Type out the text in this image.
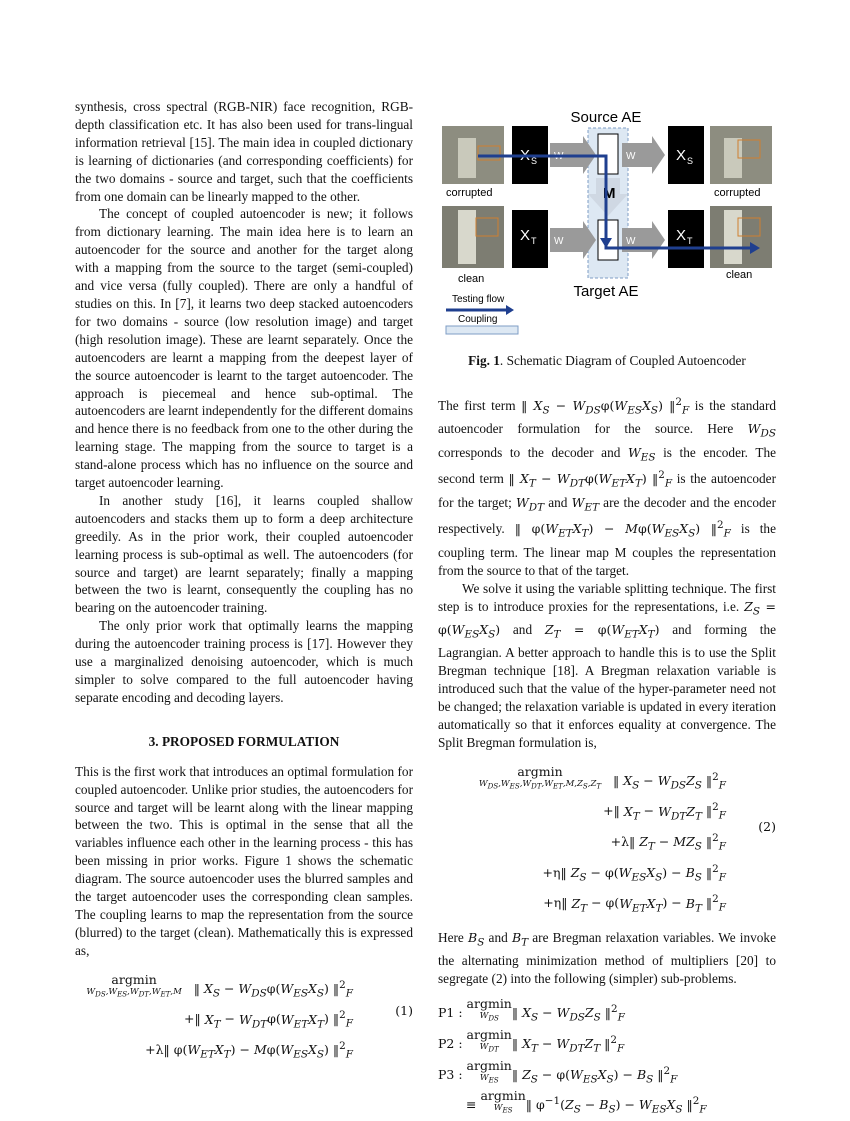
synthesis, cross spectral (RGB-NIR) face recognition, RGB-depth classification etc. It has also been used for trans-lingual information retrieval [15]. The main idea in coupled dictionary is learning of dictionaries (and corresponding coefficients) for the two domains - source and target, such that the coefficients from one domain can be linearly mapped to the other.

The concept of coupled autoencoder is new; it follows from dictionary learning. The main idea here is to learn an autoencoder for the source and another for the target along with a mapping from the source to the target (semi-coupled) and vice versa (fully coupled). There are only a handful of studies on this. In [7], it learns two deep stacked autoencoders for two domains - source (low resolution image) and target (high resolution image). These are learnt separately. Once the autoencoders are learnt a mapping from the deepest layer of the source autoencoder is learnt to the target autoencoder. The approach is piecemeal and hence sub-optimal. The autoencoders are learnt independently for the different domains and hence there is no feedback from one to the other during the learning stage. The mapping from the source to target is a stand-alone process which has no influence on the source and target autoencoder learning.

In another study [16], it learns coupled shallow autoencoders and stacks them up to form a deep architecture greedily. As in the prior work, their coupled autoencoder learning process is sub-optimal as well. The autoencoders (for source and target) are learnt separately; finally a mapping between the two is learnt, consequently the coupling has no bearing on the autoencoder training.

The only prior work that optimally learns the mapping during the autoencoder training process is [17]. However they use a marginalized denoising autoencoder, which is much simpler to solve compared to the full autoencoder having separate encoding and decoding layers.

3. PROPOSED FORMULATION

This is the first work that introduces an optimal formulation for coupled autoencoder. Unlike prior studies, the autoencoders for source and target will be learnt along with the linear mapping between the two. This is optimal in the sense that all the variables influence each other in the learning process - this has been missing in prior works. Figure 1 shows the schematic diagram. The source autoencoder uses the blurred samples and the target autoencoder uses the corresponding clean samples. The coupling learns to map the representation from the source (blurred) to the target (clean). Mathematically this is expressed as,

argmin
$W_{DS},W_{ES},W_{DT},W_{ET},M$ ‖ $X_S - W_{DS}\varphi(W_{ES}X_S)$ ‖$^2_F$
+‖ $X_T - W_{DT}\varphi(W_{ET}X_T)$ ‖$^2_F$
+λ‖ $\varphi(W_{ET}X_T) - M\varphi(W_{ES}X_S)$ ‖$^2_F$
(1)
Source AE
corrupted
clean
X S
X T
W
W
M
W
W
X S
X T
corrupted
clean
Target AE
Testing flow
Coupling
Fig. 1. Schematic Diagram of Coupled Autoencoder

The first term ‖ $X_S - W_{DS}\varphi(W_{ES}X_S)$ ‖$^2_F$ is the standard autoencoder formulation for the source. Here $W_{DS}$ corresponds to the decoder and $W_{ES}$ is the encoder. The second term ‖ $X_T - W_{DT}\varphi(W_{ET}X_T)$ ‖$^2_F$ is the autoencoder for the target; $W_{DT}$ and $W_{ET}$ are the decoder and the encoder respectively. ‖ $\varphi(W_{ET}X_T) - M\varphi(W_{ES}X_S)$ ‖$^2_F$ is the coupling term. The linear map M couples the representation from the source to that of the target.

We solve it using the variable splitting technique. The first step is to introduce proxies for the representations, i.e. $Z_S = \varphi(W_{ES}X_S)$ and $Z_T = \varphi(W_{ET}X_T)$ and forming the Lagrangian. A better approach to handle this is to use the Split Bregman technique [18]. A Bregman relaxation variable is introduced such that the value of the hyper-parameter need not be changed; the relaxation variable is updated in every iteration automatically so that it enforces equality at convergence. The Split Bregman formulation is,

argmin
$W_{DS},W_{ES},W_{DT},W_{ET},M,Z_S,Z_T$ ‖ $X_S - W_{DS}Z_S$ ‖$^2_F$
+‖ $X_T - W_{DT}Z_T$ ‖$^2_F$
+λ‖ $Z_T - MZ_S$ ‖$^2_F$
+η‖ $Z_S - \varphi(W_{ES}X_S) - B_S$ ‖$^2_F$
+η‖ $Z_T - \varphi(W_{ET}X_T) - B_T$ ‖$^2_F$
(2)

Here $B_S$ and $B_T$ are Bregman relaxation variables. We invoke the alternating minimization method of multipliers [20] to segregate (2) into the following (simpler) sub-problems.

P1 : argmin
$W_{DS}$	‖ $X_S - W_{DS}Z_S$ ‖$^2_F$
P2 : argmin
$W_{DT}$	‖ $X_T - W_{DT}Z_T$ ‖$^2_F$
P3 : argmin
$W_{ES}$	‖ $Z_S - \varphi(W_{ES}X_S) - B_S$ ‖$^2_F$
≡ argmin
$W_{ES}$	‖ $\varphi^{-1}(Z_S - B_S) - W_{ES}X_S$ ‖$^2_F$
